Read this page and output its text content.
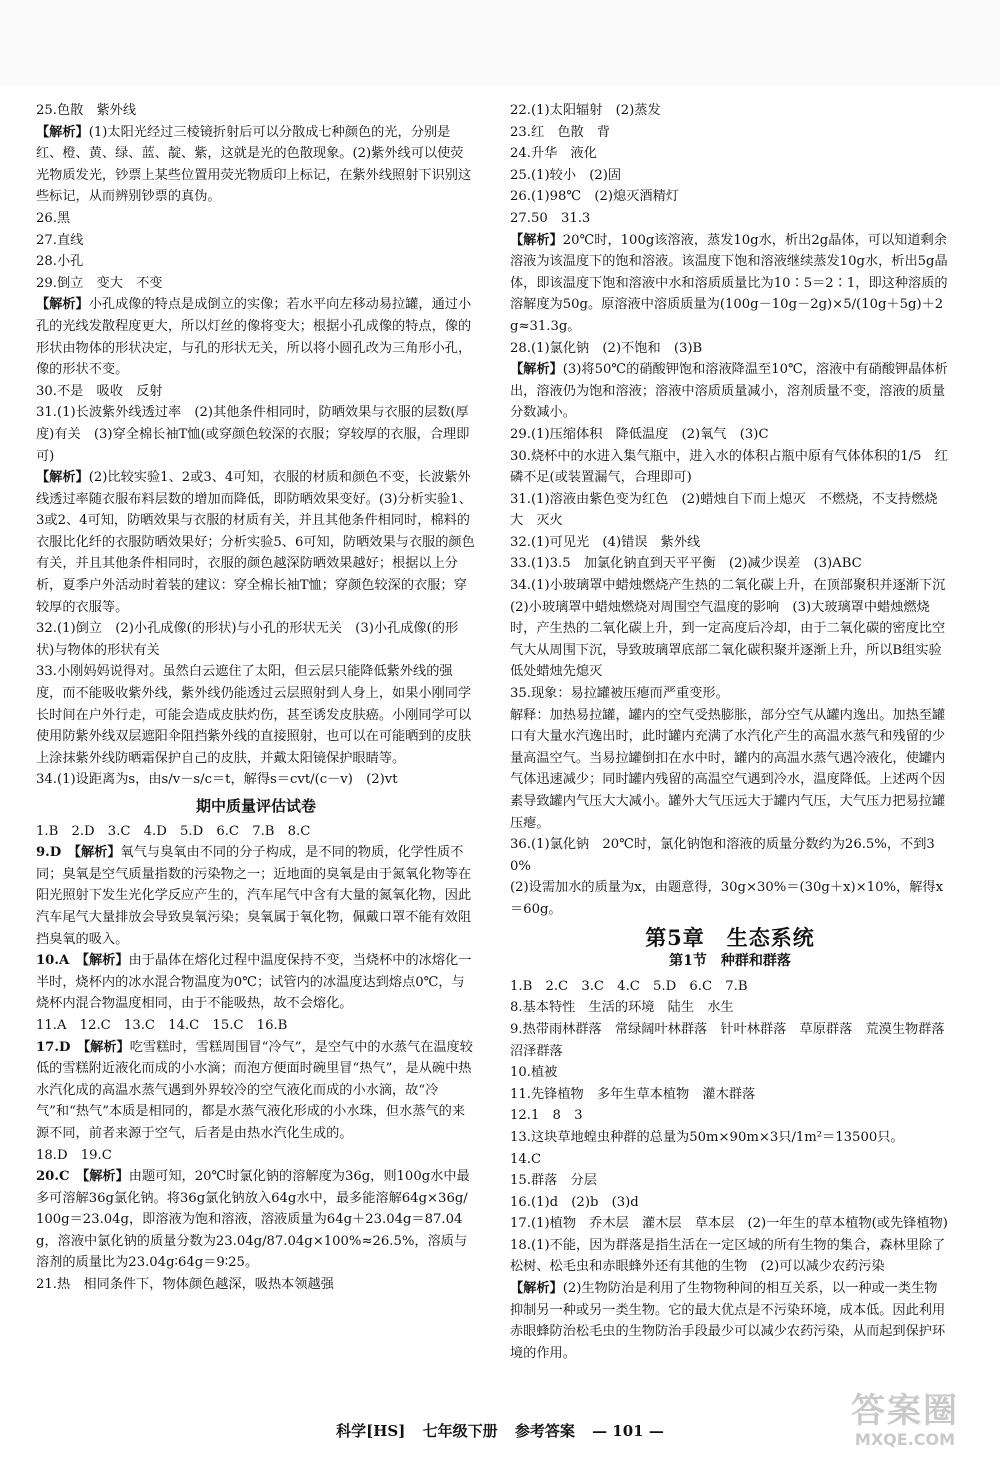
25.色散　紫外线
【解析】(1)太阳光经过三棱镜折射后可以分散成七种颜色的光，分别是红、橙、黄、绿、蓝、靛、紫，这就是光的色散现象。(2)紫外线可以使荧光物质发光，钞票上某些位置用荧光物质印上标记，在紫外线照射下识别这些标记，从而辨别钞票的真伪。
26.黑
27.直线
28.小孔
29.倒立　变大　不变
【解析】小孔成像的特点是成倒立的实像；若水平向左移动易拉罐，通过小孔的光线发散程度更大，所以灯丝的像将变大；根据小孔成像的特点，像的形状由物体的形状决定，与孔的形状无关，所以将小圆孔改为三角形小孔，像的形状不变。
30.不是　吸收　反射
31.(1)长波紫外线透过率　(2)其他条件相同时，防晒效果与衣服的层数(厚度)有关　(3)穿全棉长袖T恤(或穿颜色较深的衣服；穿较厚的衣服，合理即可)
【解析】(2)比较实验1、2或3、4可知，衣服的材质和颜色不变，长波紫外线透过率随衣服布料层数的增加而降低，即防晒效果变好。(3)分析实验1、3或2、4可知，防晒效果与衣服的材质有关，并且其他条件相同时，棉料的衣服比化纤的衣服防晒效果好；分析实验5、6可知，防晒效果与衣服的颜色有关，并且其他条件相同时，衣服的颜色越深防晒效果越好；根据以上分析，夏季户外活动时着装的建议：穿全棉长袖T恤；穿颜色较深的衣服；穿较厚的衣服等。
32.(1)倒立　(2)小孔成像(的形状)与小孔的形状无关　(3)小孔成像(的形状)与物体的形状有关
33.小刚妈妈说得对。虽然白云遮住了太阳，但云层只能降低紫外线的强度，而不能吸收紫外线，紫外线仍能透过云层照射到人身上，如果小刚同学长时间在户外行走，可能会造成皮肤灼伤，甚至诱发皮肤癌。小刚同学可以使用防紫外线双层遮阳伞阻挡紫外线的直接照射，也可以在可能晒到的皮肤上涂抹紫外线防晒霜保护自己的皮肤，并戴太阳镜保护眼睛等。
34.(1)设距离为s，由s/v－s/c＝t，解得s＝cvt/(c－v)　(2)vt
期中质量评估试卷
1.B　2.D　3.C　4.D　5.D　6.C　7.B　8.C
9.D　【解析】氧气与臭氧由不同的分子构成，是不同的物质，化学性质不同；臭氧是空气质量指数的污染物之一；近地面的臭氧是由于氮氧化物等在阳光照射下发生光化学反应产生的，汽车尾气中含有大量的氮氧化物，因此汽车尾气大量排放会导致臭氧污染；臭氧属于氧化物，佩戴口罩不能有效阻挡臭氧的吸入。
10.A　【解析】由于晶体在熔化过程中温度保持不变，当烧杯中的冰熔化一半时，烧杯内的冰水混合物温度为0℃；试管内的冰温度达到熔点0℃，与烧杯内混合物温度相同，由于不能吸热，故不会熔化。
11.A　12.C　13.C　14.C　15.C　16.B
17.D　【解析】吃雪糕时，雪糕周围冒“冷气”，是空气中的水蒸气在温度较低的雪糕附近液化而成的小水滴；而泡方便面时碗里冒“热气”，是从碗中热水汽化成的高温水蒸气遇到外界较冷的空气液化而成的小水滴，故“冷气”和“热气”本质是相同的，都是水蒸气液化形成的小水珠，但水蒸气的来源不同，前者来源于空气，后者是由热水汽化生成的。
18.D　19.C
20.C　【解析】由题可知，20℃时氯化钠的溶解度为36g，则100g水中最多可溶解36g氯化钠。将36g氯化钠放入64g水中，最多能溶解64g×36g/100g＝23.04g，即溶液为饱和溶液，溶液质量为64g＋23.04g＝87.04g，溶液中氯化钠的质量分数为23.04g/87.04g×100%≈26.5%，溶质与溶剂的质量比为23.04g∶64g＝9∶25。
21.热　相同条件下，物体颜色越深，吸热本领越强
22.(1)太阳辐射　(2)蒸发
23.红　色散　背
24.升华　液化
25.(1)较小　(2)固
26.(1)98℃　(2)熄灭酒精灯
27.50　31.3
【解析】20℃时，100g该溶液，蒸发10g水，析出2g晶体，可以知道剩余溶液为该温度下的饱和溶液。该温度下饱和溶液继续蒸发10g水，析出5g晶体，即该温度下饱和溶液中水和溶质质量比为10∶5＝2∶1，即这种溶质的溶解度为50g。原溶液中溶质质量为(100g－10g－2g)×5/(10g＋5g)＋2g≈31.3g。
28.(1)氯化钠　(2)不饱和　(3)B
【解析】(3)将50℃的硝酸钾饱和溶液降温至10℃，溶液中有硝酸钾晶体析出，溶液仍为饱和溶液；溶液中溶质质量减小，溶剂质量不变，溶液的质量分数减小。
29.(1)压缩体积　降低温度　(2)氧气　(3)C
30.烧杯中的水进入集气瓶中，进入水的体积占瓶中原有气体体积的1/5　红磷不足(或装置漏气，合理即可)
31.(1)溶液由紫色变为红色　(2)蜡烛自下而上熄灭　不燃烧，不支持燃烧　大　灭火
32.(1)可见光　(4)错误　紫外线
33.(1)3.5　加氯化钠直到天平平衡　(2)减少误差　(3)ABC
34.(1)小玻璃罩中蜡烛燃烧产生热的二氧化碳上升，在顶部聚积并逐渐下沉　(2)小玻璃罩中蜡烛燃烧对周围空气温度的影响　(3)大玻璃罩中蜡烛燃烧时，产生热的二氧化碳上升，到一定高度后冷却，由于二氧化碳的密度比空气大从周围下沉，导致玻璃罩底部二氧化碳积聚并逐渐上升，所以B组实验低处蜡烛先熄灭
35.现象：易拉罐被压瘪而严重变形。
解释：加热易拉罐，罐内的空气受热膨胀，部分空气从罐内逸出。加热至罐口有大量水汽逸出时，此时罐内充满了水汽化产生的高温水蒸气和残留的少量高温空气。当易拉罐倒扣在水中时，罐内的高温水蒸气遇冷液化，使罐内气体迅速减少；同时罐内残留的高温空气遇到冷水，温度降低。上述两个因素导致罐内气压大大减小。罐外大气压远大于罐内气压，大气压力把易拉罐压瘪。
36.(1)氯化钠　20℃时，氯化钠饱和溶液的质量分数约为26.5%，不到30%
(2)设需加水的质量为x，由题意得，30g×30%＝(30g＋x)×10%，解得x＝60g。
第5章　生态系统
第1节　种群和群落
1.B　2.C　3.C　4.C　5.D　6.C　7.B
8.基本特性　生活的环境　陆生　水生
9.热带雨林群落　常绿阔叶林群落　针叶林群落　草原群落　荒漠生物群落　沼泽群落
10.植被
11.先锋植物　多年生草本植物　灌木群落
12.1　8　3
13.这块草地蝗虫种群的总量为50m×90m×3只/1m²＝13500只。
14.C
15.群落　分层
16.(1)d　(2)b　(3)d
17.(1)植物　乔木层　灌木层　草本层　(2)一年生的草本植物(或先锋植物)
18.(1)不能，因为群落是指生活在一定区域的所有生物的集合，森林里除了松树、松毛虫和赤眼蜂外还有其他的生物　(2)可以减少农药污染
【解析】(2)生物防治是利用了生物物种间的相互关系，以一种或一类生物抑制另一种或另一类生物。它的最大优点是不污染环境，成本低。因此利用赤眼蜂防治松毛虫的生物防治手段最少可以减少农药污染，从而起到保护环境的作用。
科学[HS] 七年级下册 参考答案 — 101 —	答案圈
MXQE.COM
